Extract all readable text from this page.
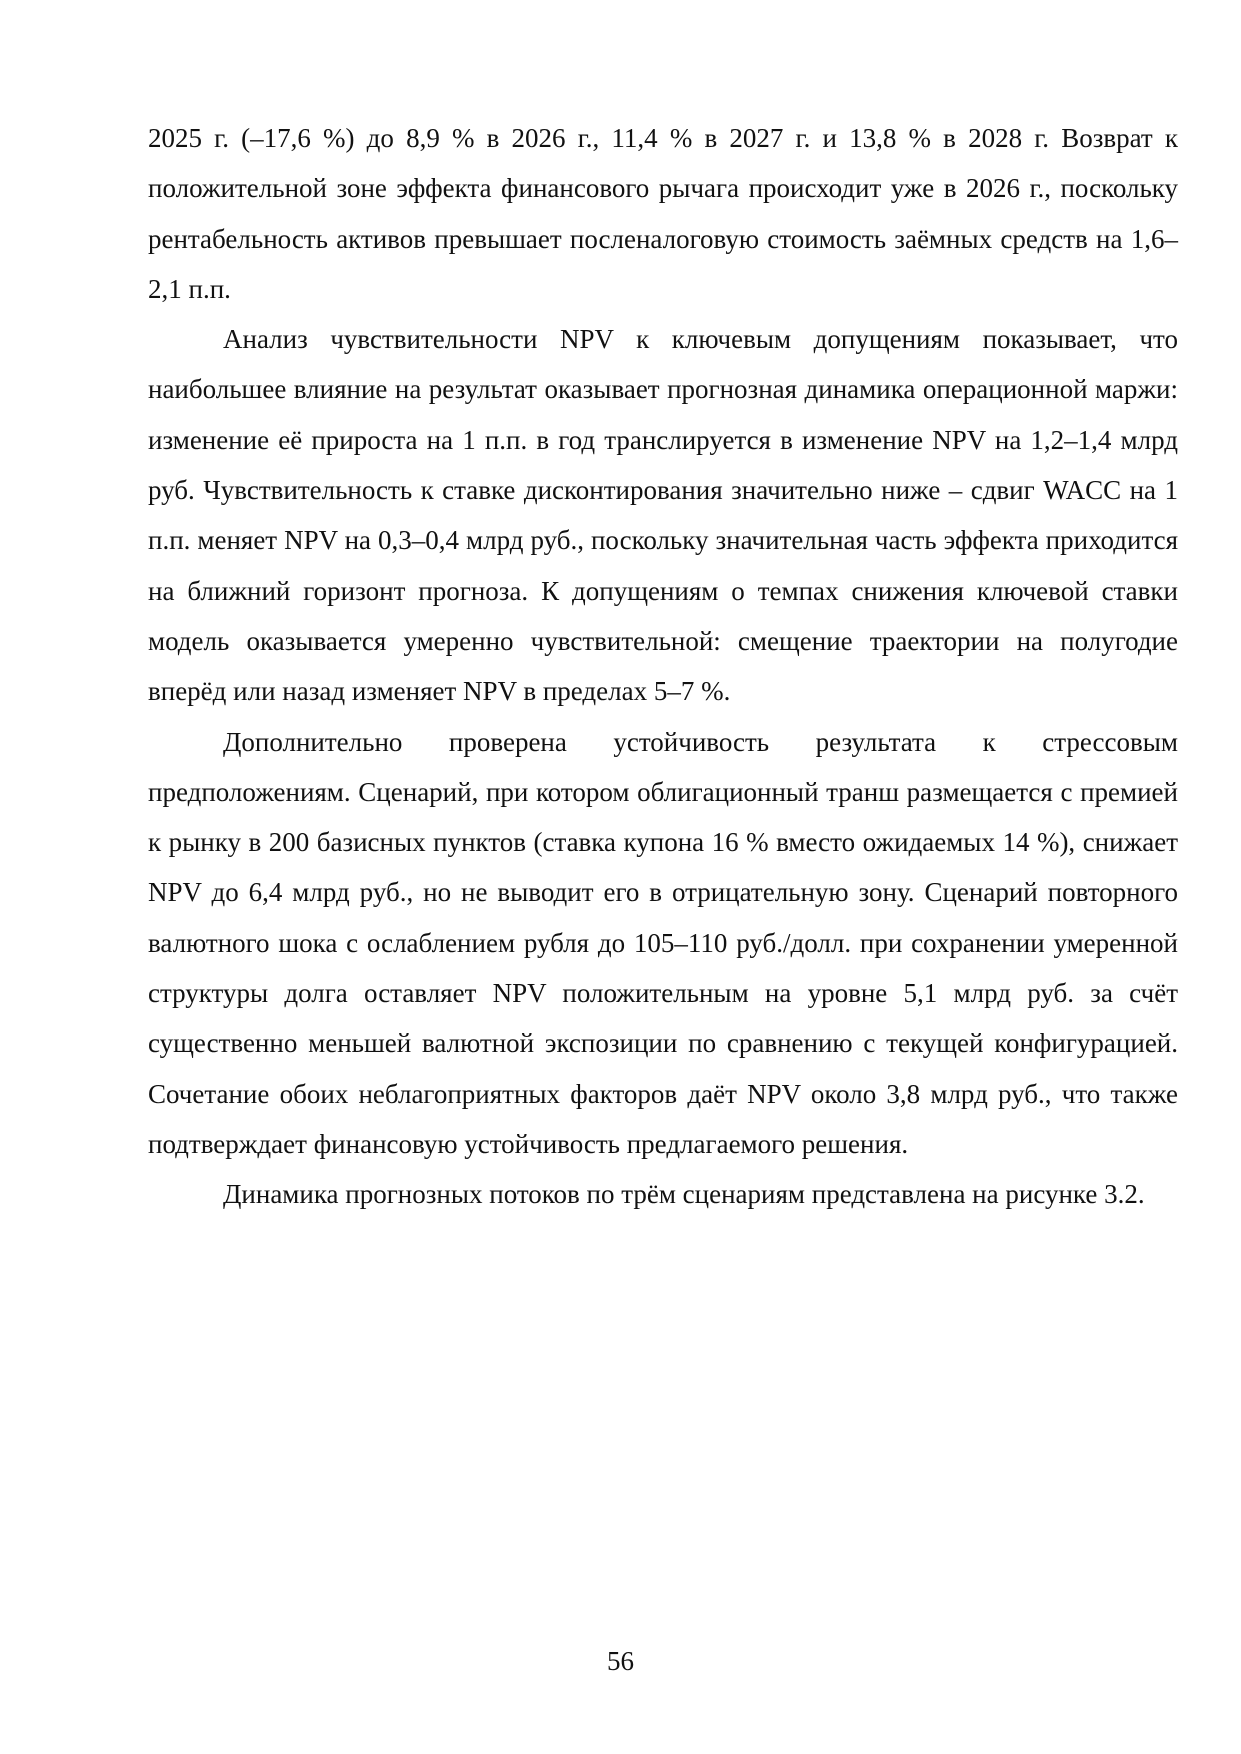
2025 г. (–17,6 %) до 8,9 % в 2026 г., 11,4 % в 2027 г. и 13,8 % в 2028 г. Возврат к положительной зоне эффекта финансового рычага происходит уже в 2026 г., поскольку рентабельность активов превышает посленалоговую стоимость заёмных средств на 1,6–2,1 п.п.

Анализ чувствительности NPV к ключевым допущениям показывает, что наибольшее влияние на результат оказывает прогнозная динамика операционной маржи: изменение её прироста на 1 п.п. в год транслируется в изменение NPV на 1,2–1,4 млрд руб. Чувствительность к ставке дисконтирования значительно ниже – сдвиг WACC на 1 п.п. меняет NPV на 0,3–0,4 млрд руб., поскольку значительная часть эффекта приходится на ближний горизонт прогноза. К допущениям о темпах снижения ключевой ставки модель оказывается умеренно чувствительной: смещение траектории на полугодие вперёд или назад изменяет NPV в пределах 5–7 %.

Дополнительно проверена устойчивость результата к стрессовым предположениям. Сценарий, при котором облигационный транш размещается с премией к рынку в 200 базисных пунктов (ставка купона 16 % вместо ожидаемых 14 %), снижает NPV до 6,4 млрд руб., но не выводит его в отрицательную зону. Сценарий повторного валютного шока с ослаблением рубля до 105–110 руб./долл. при сохранении умеренной структуры долга оставляет NPV положительным на уровне 5,1 млрд руб. за счёт существенно меньшей валютной экспозиции по сравнению с текущей конфигурацией. Сочетание обоих неблагоприятных факторов даёт NPV около 3,8 млрд руб., что также подтверждает финансовую устойчивость предлагаемого решения.

Динамика прогнозных потоков по трём сценариям представлена на рисунке 3.2.

56
